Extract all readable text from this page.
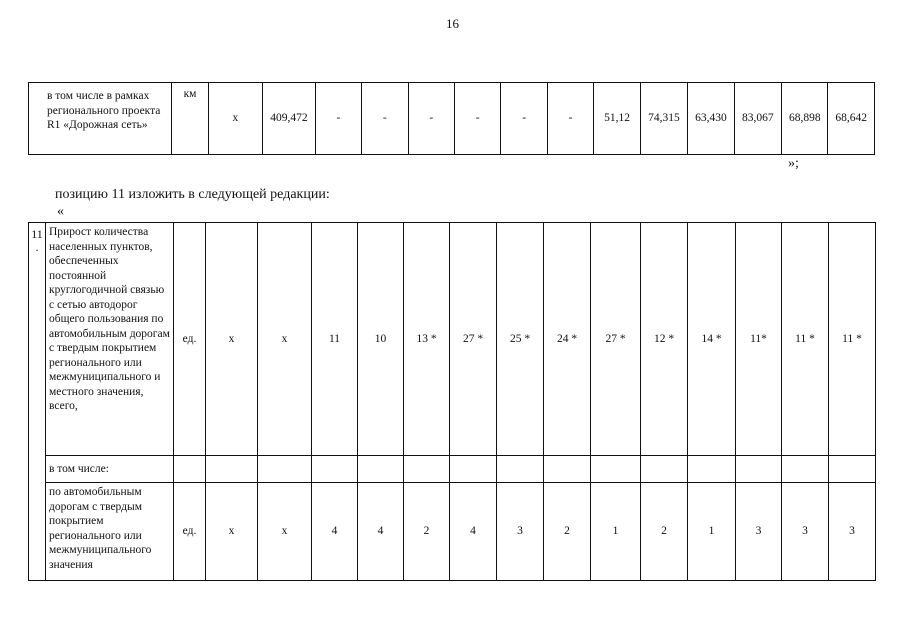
16
в том числе в рамках регионального проекта R1 «Дорожная сеть»	км	х	409,472	-	-	-	-	-	-	51,12	74,315	63,430	83,067	68,898	68,642
»;
позицию 11 изложить в следующей редакции:
«
11 .	Прирост количества населенных пунктов, обеспеченных постоянной круглогодичной связью с сетью автодорог общего пользования по автомобильным дорогам с твердым покрытием регионального или межмуниципального и местного значения, всего,	ед.	х	х	11	10	13 *	27 *	25 *	24 *	27 *	12 *	14 *	11*	11 *	11 *
	в том числе:															
	по автомобильным дорогам с твердым покрытием регионального или межмуниципального значения	ед.	х	х	4	4	2	4	3	2	1	2	1	3	3	3
